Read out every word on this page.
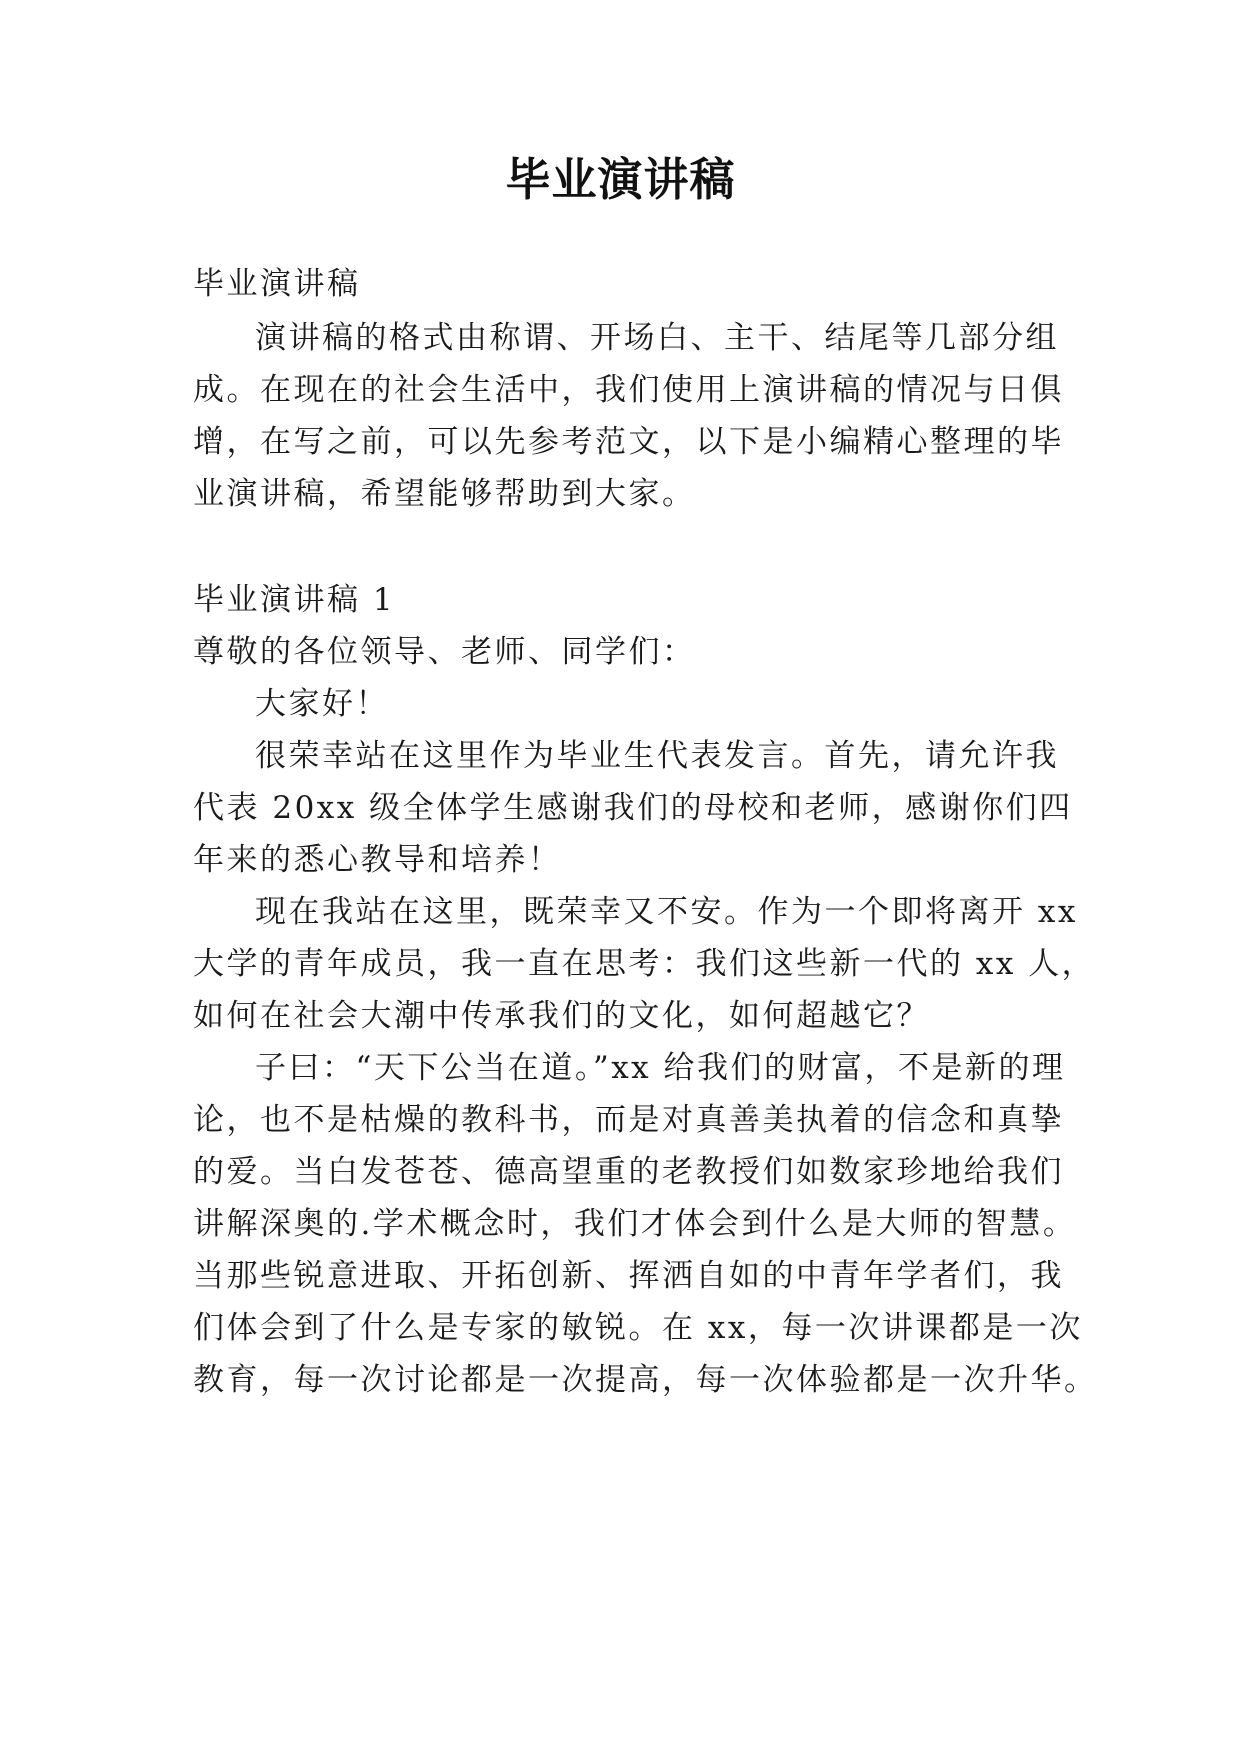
毕业演讲稿
毕业演讲稿
演讲稿的格式由称谓、开场白、主干、结尾等几部分组
成。在现在的社会生活中，我们使用上演讲稿的情况与日俱
增，在写之前，可以先参考范文，以下是小编精心整理的毕
业演讲稿，希望能够帮助到大家。
毕业演讲稿 1
尊敬的各位领导、老师、同学们：
大家好！
很荣幸站在这里作为毕业生代表发言。首先，请允许我
代表 20xx 级全体学生感谢我们的母校和老师，感谢你们四
年来的悉心教导和培养！
现在我站在这里，既荣幸又不安。作为一个即将离开 xx
大学的青年成员，我一直在思考：我们这些新一代的 xx 人，
如何在社会大潮中传承我们的文化，如何超越它？
子曰：“天下公当在道。”xx 给我们的财富，不是新的理
论，也不是枯燥的教科书，而是对真善美执着的信念和真挚
的爱。当白发苍苍、德高望重的老教授们如数家珍地给我们
讲解深奥的.学术概念时，我们才体会到什么是大师的智慧。
当那些锐意进取、开拓创新、挥洒自如的中青年学者们，我
们体会到了什么是专家的敏锐。在 xx，每一次讲课都是一次
教育，每一次讨论都是一次提高，每一次体验都是一次升华。
